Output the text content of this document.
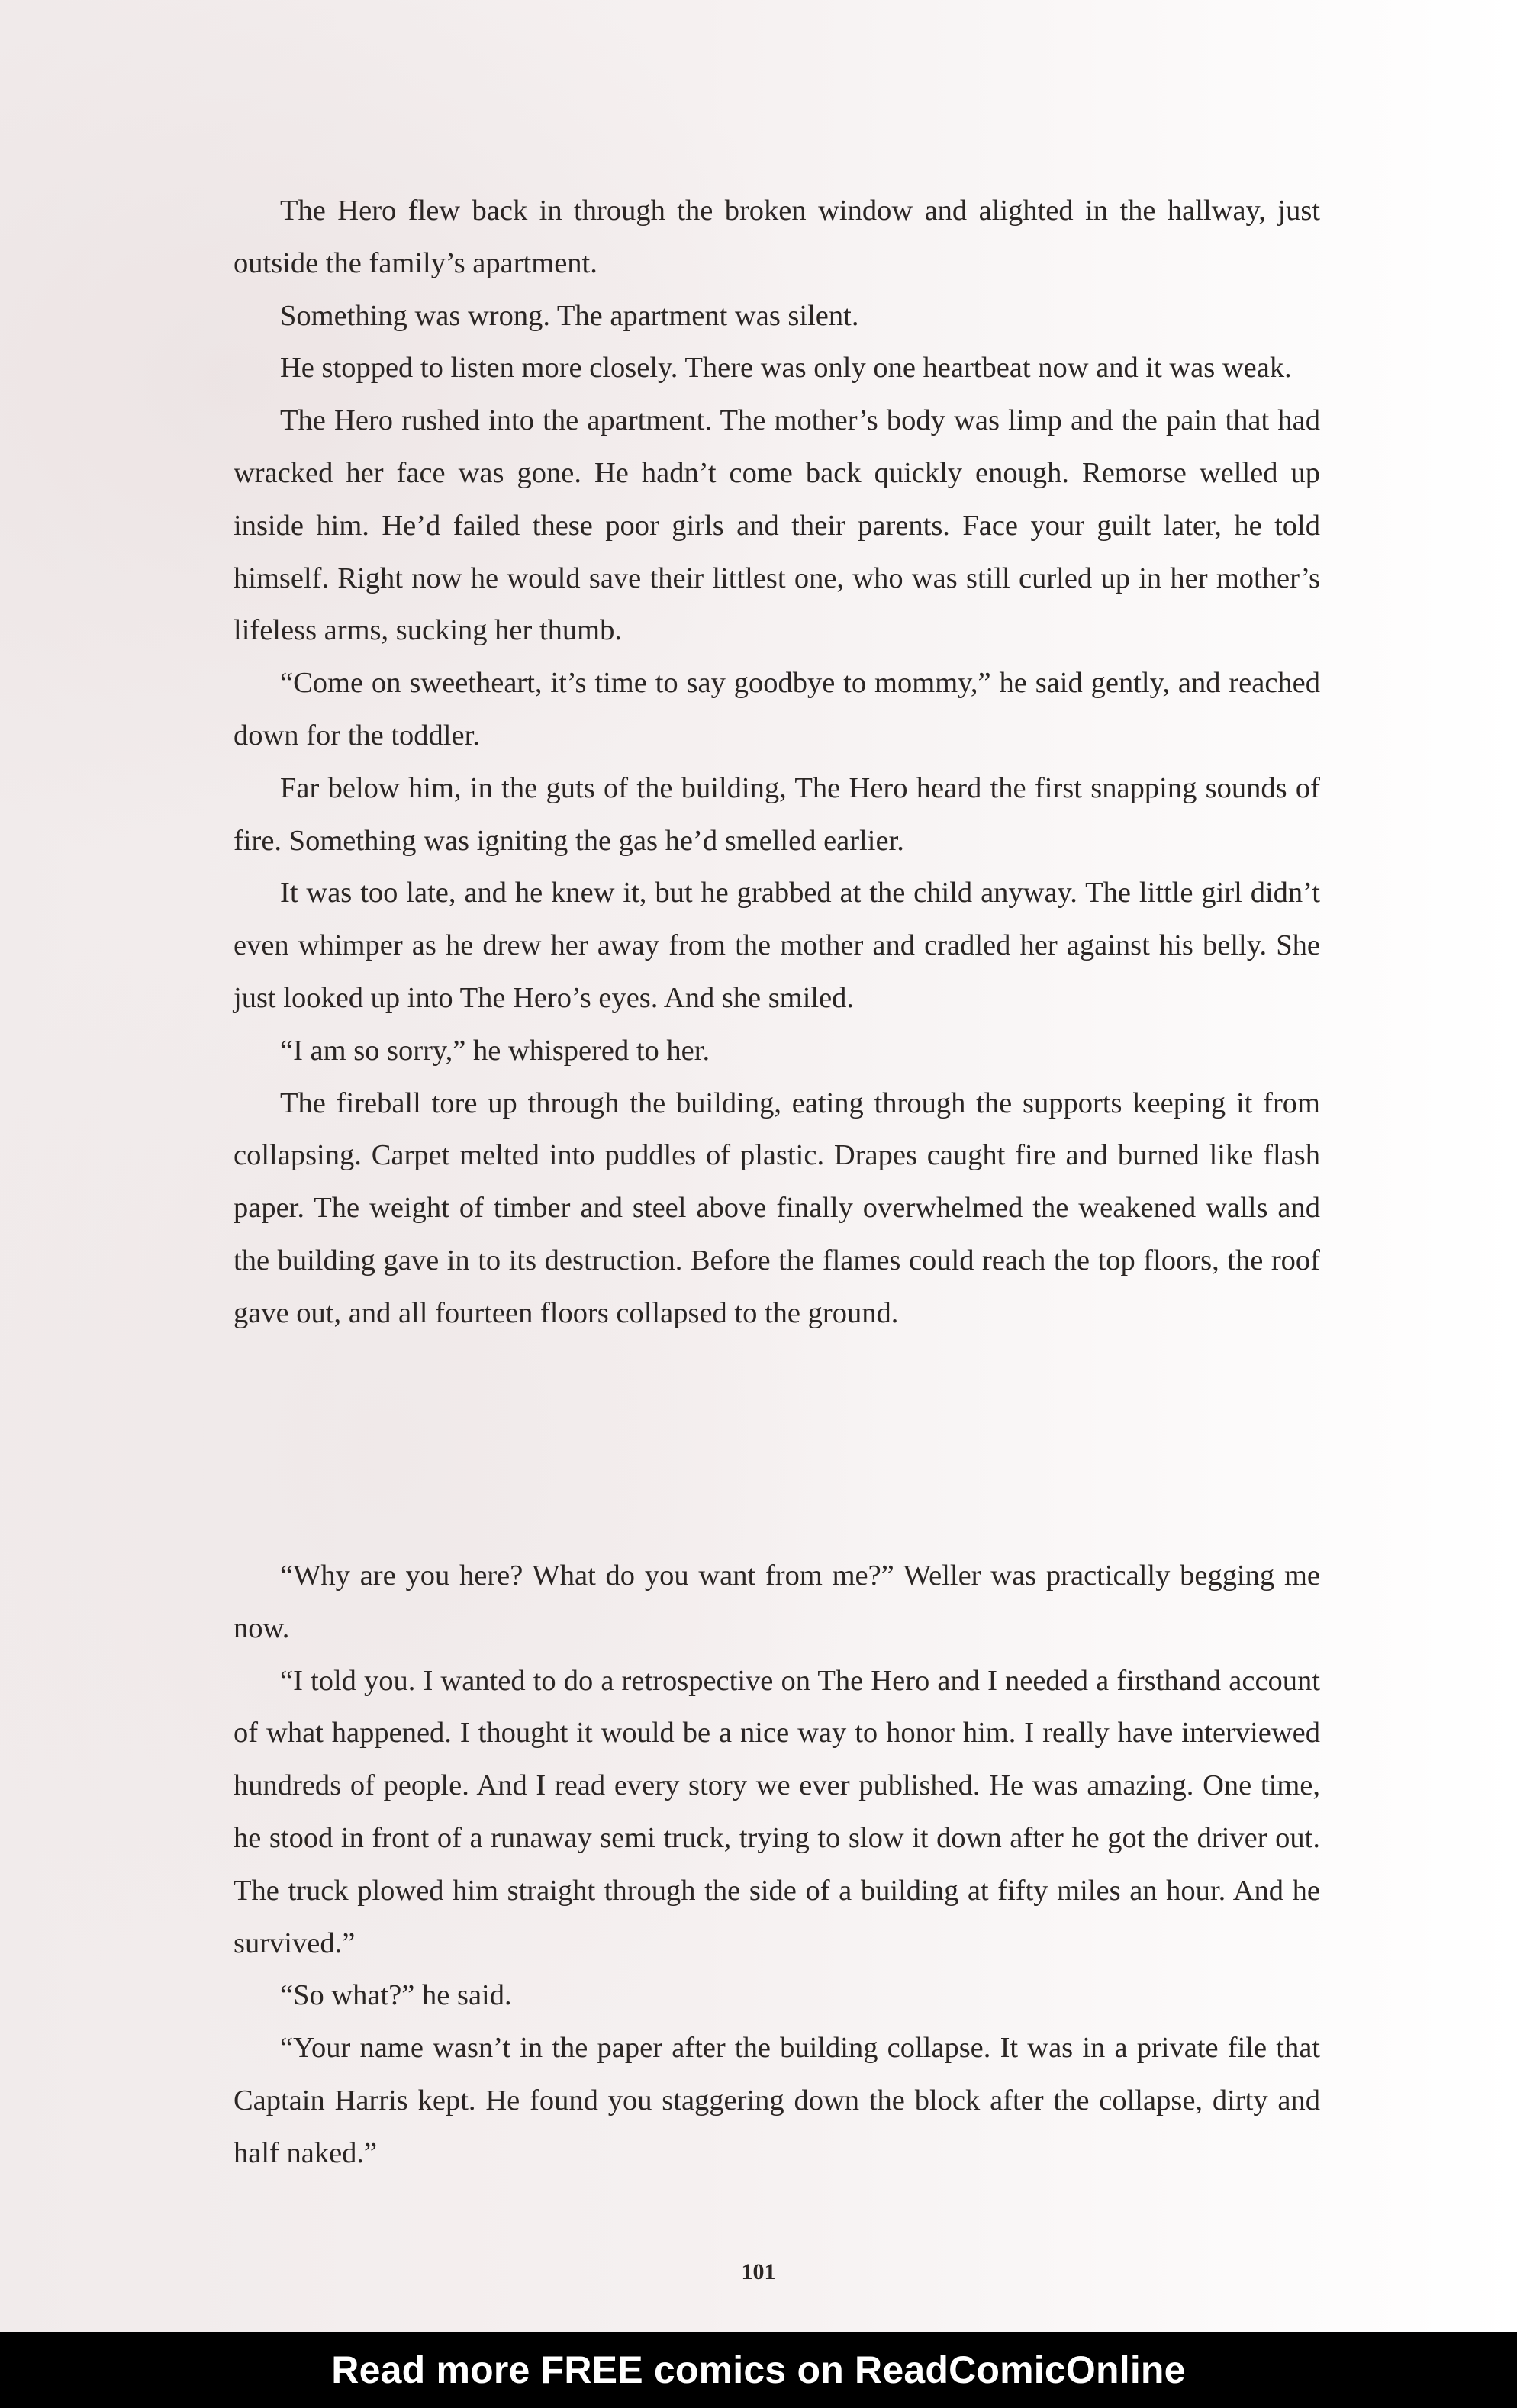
The Hero flew back in through the broken window and alighted in the hallway, just outside the family’s apartment.

Something was wrong. The apartment was silent.

He stopped to listen more closely. There was only one heartbeat now and it was weak.

The Hero rushed into the apartment. The mother’s body was limp and the pain that had wracked her face was gone. He hadn’t come back quickly enough. Remorse welled up inside him. He’d failed these poor girls and their parents. Face your guilt later, he told himself. Right now he would save their littlest one, who was still curled up in her mother’s lifeless arms, sucking her thumb.

“Come on sweetheart, it’s time to say goodbye to mommy,” he said gently, and reached down for the toddler.

Far below him, in the guts of the building, The Hero heard the first snapping sounds of fire. Something was igniting the gas he’d smelled earlier.

It was too late, and he knew it, but he grabbed at the child anyway. The little girl didn’t even whimper as he drew her away from the mother and cradled her against his belly. She just looked up into The Hero’s eyes. And she smiled.

“I am so sorry,” he whispered to her.

The fireball tore up through the building, eating through the supports keeping it from collapsing. Carpet melted into puddles of plastic. Drapes caught fire and burned like flash paper. The weight of timber and steel above finally overwhelmed the weakened walls and the building gave in to its destruction. Before the flames could reach the top floors, the roof gave out, and all fourteen floors collapsed to the ground.

“Why are you here? What do you want from me?” Weller was practically begging me now.

“I told you. I wanted to do a retrospective on The Hero and I needed a firsthand account of what happened. I thought it would be a nice way to honor him. I really have interviewed hundreds of people. And I read every story we ever published. He was amazing. One time, he stood in front of a runaway semi truck, trying to slow it down after he got the driver out. The truck plowed him straight through the side of a building at fifty miles an hour. And he survived.”

“So what?” he said.

“Your name wasn’t in the paper after the building collapse. It was in a private file that Captain Harris kept. He found you staggering down the block after the collapse, dirty and half naked.”

101
Read more FREE comics on ReadComicOnline
